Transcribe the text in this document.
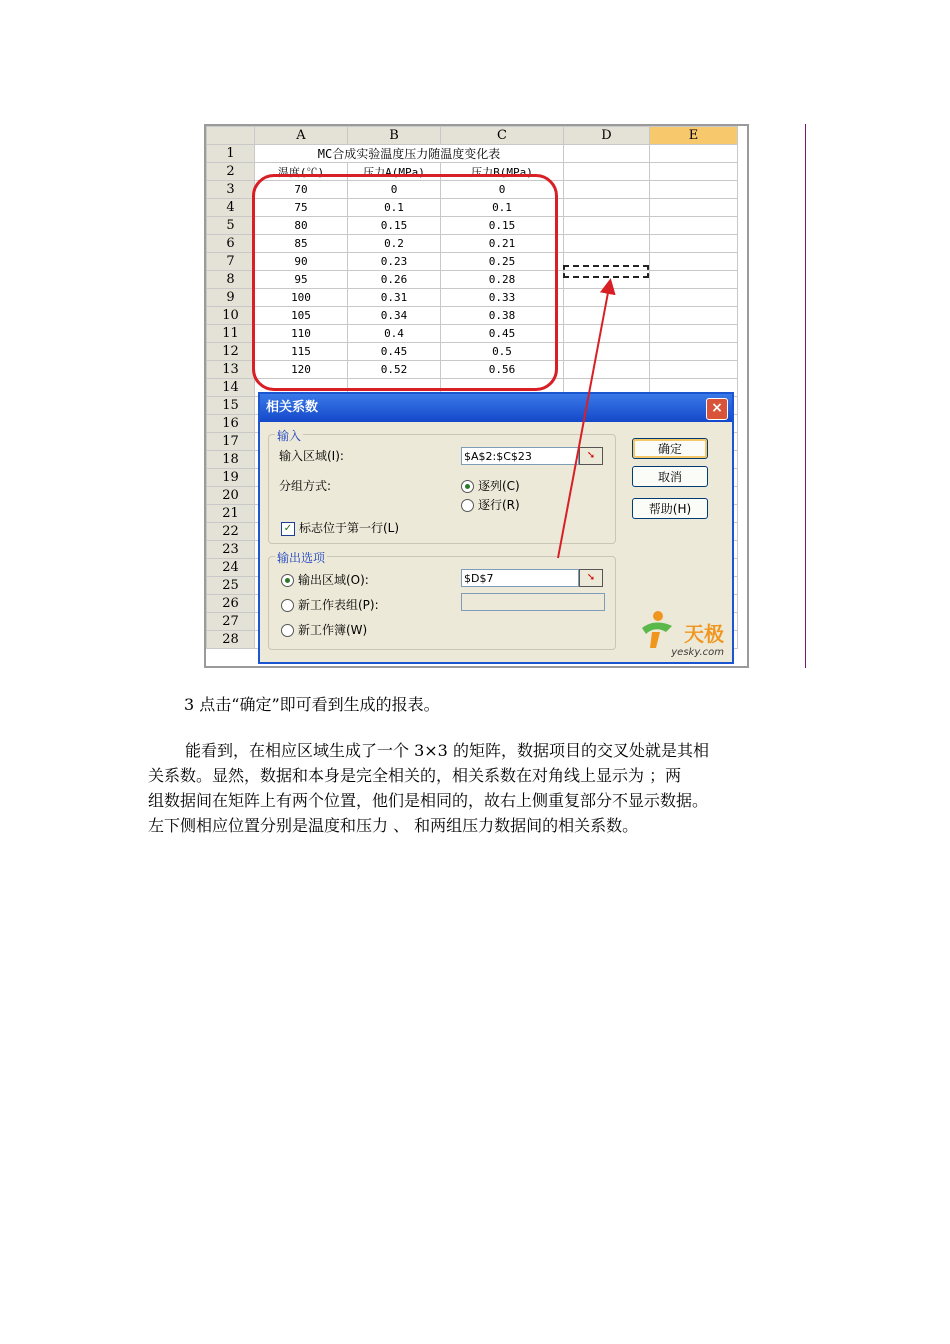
	A	B	C	D	E
1	MC合成实验温度压力随温度变化表				
2	温度(℃)	压力A(MPa)	压力B(MPa)		
3	70	0	0		
4	75	0.1	0.1		
5	80	0.15	0.15		
6	85	0.2	0.21		
7	90	0.23	0.25		
8	95	0.26	0.28		
9	100	0.31	0.33		
10	105	0.34	0.38		
11	110	0.4	0.45		
12	115	0.45	0.5		
13	120	0.52	0.56		
14					
15					
16					
17					
18					
19					
20					
21					
22					
23					
24					
25					
26					
27					
28					
相关系数	×
输入
输入区域(I):	$A$2:$C$23	➘
分组方式:	逐列(C)
逐行(R)
✓ 标志位于第一行(L)
输出选项
输出区域(O):	$D$7	➘
新工作表组(P):
新工作簿(W)
确定
取消
帮助(H)
天极
yesky.com
3 点击“确定”即可看到生成的报表。
能看到，在相应区域生成了一个 3×3 的矩阵，数据项目的交叉处就是其相
关系数。显然，数据和本身是完全相关的，相关系数在对角线上显示为 ；两
组数据间在矩阵上有两个位置，他们是相同的，故右上侧重复部分不显示数据。
左下侧相应位置分别是温度和压力 、 和两组压力数据间的相关系数。
